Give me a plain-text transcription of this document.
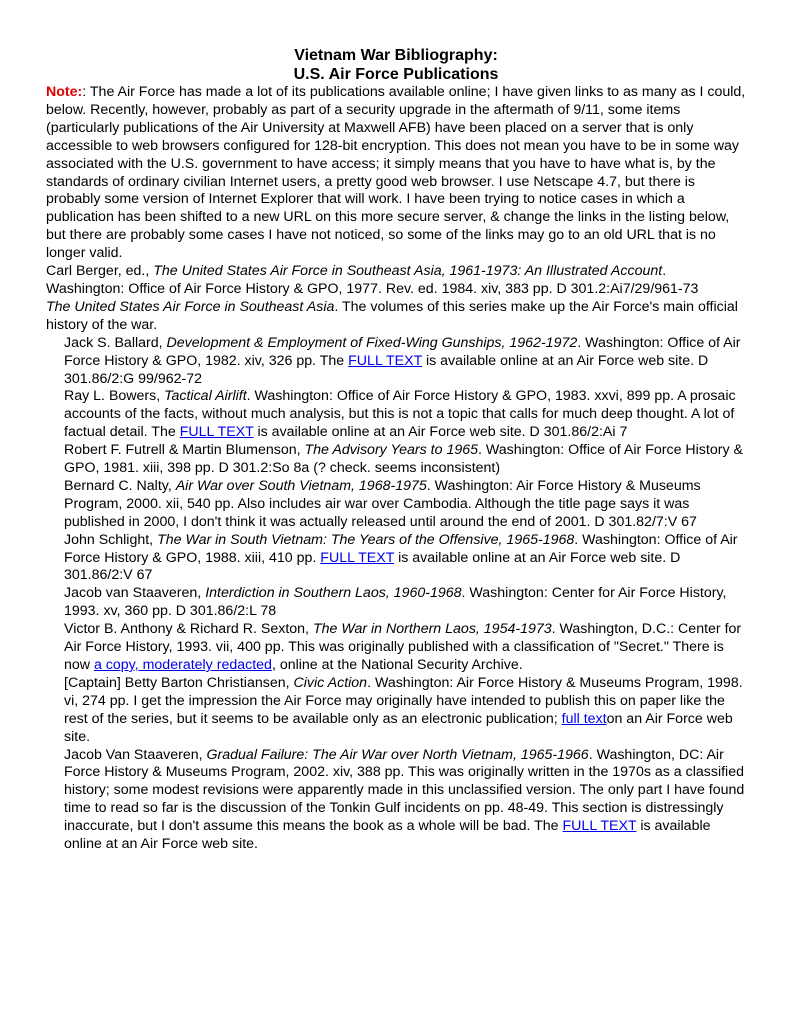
Vietnam War Bibliography:
U.S. Air Force Publications

Note:: The Air Force has made a lot of its publications available online; I have given links to as many as I could, below. Recently, however, probably as part of a security upgrade in the aftermath of 9/11, some items (particularly publications of the Air University at Maxwell AFB) have been placed on a server that is only accessible to web browsers configured for 128-bit encryption. This does not mean you have to be in some way associated with the U.S. government to have access; it simply means that you have to have what is, by the standards of ordinary civilian Internet users, a pretty good web browser. I use Netscape 4.7, but there is probably some version of Internet Explorer that will work. I have been trying to notice cases in which a publication has been shifted to a new URL on this more secure server, & change the links in the listing below, but there are probably some cases I have not noticed, so some of the links may go to an old URL that is no longer valid.

Carl Berger, ed., The United States Air Force in Southeast Asia, 1961-1973: An Illustrated Account. Washington: Office of Air Force History & GPO, 1977. Rev. ed. 1984. xiv, 383 pp. D 301.2:Ai7/29/961-73

The United States Air Force in Southeast Asia. The volumes of this series make up the Air Force's main official history of the war.

Jack S. Ballard, Development & Employment of Fixed-Wing Gunships, 1962-1972. Washington: Office of Air Force History & GPO, 1982. xiv, 326 pp. The FULL TEXT is available online at an Air Force web site. D 301.86/2:G 99/962-72

Ray L. Bowers, Tactical Airlift. Washington: Office of Air Force History & GPO, 1983. xxvi, 899 pp. A prosaic accounts of the facts, without much analysis, but this is not a topic that calls for much deep thought. A lot of factual detail. The FULL TEXT is available online at an Air Force web site. D 301.86/2:Ai 7

Robert F. Futrell & Martin Blumenson, The Advisory Years to 1965. Washington: Office of Air Force History & GPO, 1981. xiii, 398 pp. D 301.2:So 8a (? check. seems inconsistent)

Bernard C. Nalty, Air War over South Vietnam, 1968-1975. Washington: Air Force History & Museums Program, 2000. xii, 540 pp. Also includes air war over Cambodia. Although the title page says it was published in 2000, I don't think it was actually released until around the end of 2001. D 301.82/7:V 67

John Schlight, The War in South Vietnam: The Years of the Offensive, 1965-1968. Washington: Office of Air Force History & GPO, 1988. xiii, 410 pp. FULL TEXT is available online at an Air Force web site. D 301.86/2:V 67

Jacob van Staaveren, Interdiction in Southern Laos, 1960-1968. Washington: Center for Air Force History, 1993. xv, 360 pp. D 301.86/2:L 78

Victor B. Anthony & Richard R. Sexton, The War in Northern Laos, 1954-1973. Washington, D.C.: Center for Air Force History, 1993. vii, 400 pp. This was originally published with a classification of "Secret." There is now a copy, moderately redacted, online at the National Security Archive.

[Captain] Betty Barton Christiansen, Civic Action. Washington: Air Force History & Museums Program, 1998. vi, 274 pp. I get the impression the Air Force may originally have intended to publish this on paper like the rest of the series, but it seems to be available only as an electronic publication; full texton an Air Force web site.

Jacob Van Staaveren, Gradual Failure: The Air War over North Vietnam, 1965-1966. Washington, DC: Air Force History & Museums Program, 2002. xiv, 388 pp. This was originally written in the 1970s as a classified history; some modest revisions were apparently made in this unclassified version. The only part I have found time to read so far is the discussion of the Tonkin Gulf incidents on pp. 48-49. This section is distressingly inaccurate, but I don't assume this means the book as a whole will be bad. The FULL TEXT is available online at an Air Force web site.
